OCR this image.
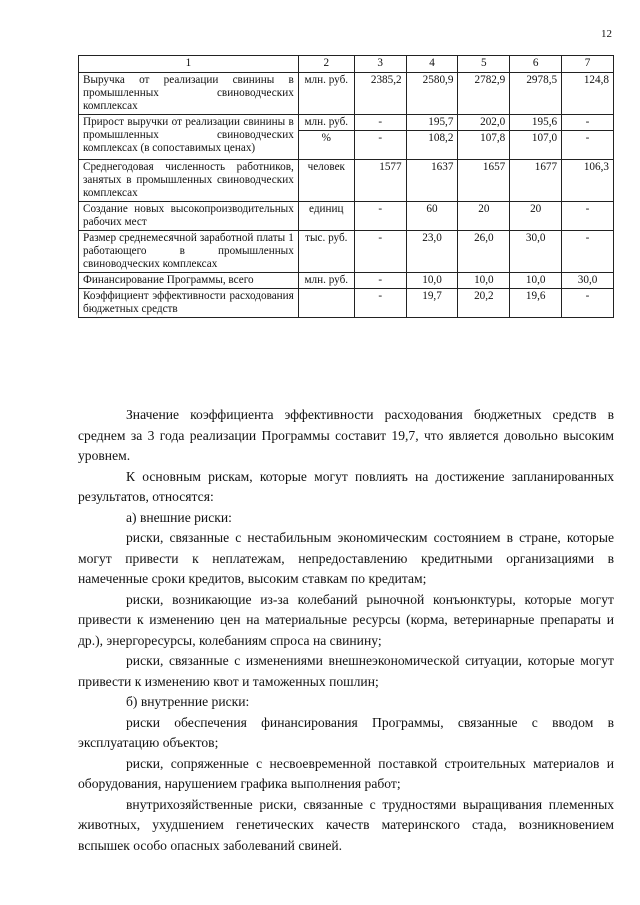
12
1	2	3	4	5	6	7
Выручка от реализации свинины в промышленных свиноводческих комплексах	млн. руб.	2385,2	2580,9	2782,9	2978,5	124,8
Прирост выручки от реализации свинины в промышленных свиноводческих комплексах (в сопоставимых ценах)	млн. руб.	-	195,7	202,0	195,6	-
	%	-	108,2	107,8	107,0	-
Среднегодовая численность работников, занятых в промышленных свиноводческих комплексах	человек	1577	1637	1657	1677	106,3
Создание новых высокопроизводительных рабочих мест	единиц	-	60	20	20	-
Размер среднемесячной заработной платы 1 работающего в промышленных свиноводческих комплексах	тыс. руб.	-	23,0	26,0	30,0	-
Финансирование Программы, всего	млн. руб.	-	10,0	10,0	10,0	30,0
Коэффициент эффективности расходования бюджетных средств		-	19,7	20,2	19,6	-

Значение коэффициента эффективности расходования бюджетных средств в среднем за 3 года реализации Программы составит 19,7, что является довольно высоким уровнем.

К основным рискам, которые могут повлиять на достижение запланированных результатов, относятся:

а) внешние риски:

риски, связанные с нестабильным экономическим состоянием в стране, которые могут привести к неплатежам, непредоставлению кредитными организациями в намеченные сроки кредитов, высоким ставкам по кредитам;

риски, возникающие из-за колебаний рыночной конъюнктуры, которые могут привести к изменению цен на материальные ресурсы (корма, ветеринарные препараты и др.), энергоресурсы, колебаниям спроса на свинину;

риски, связанные с изменениями внешнеэкономической ситуации, которые могут привести к изменению квот и таможенных пошлин;

б) внутренние риски:

риски обеспечения финансирования Программы, связанные с вводом в эксплуатацию объектов;

риски, сопряженные с несвоевременной поставкой строительных материалов и оборудования, нарушением графика выполнения работ;

внутрихозяйственные риски, связанные с трудностями выращивания племенных животных, ухудшением генетических качеств материнского стада, возникновением вспышек особо опасных заболеваний свиней.
